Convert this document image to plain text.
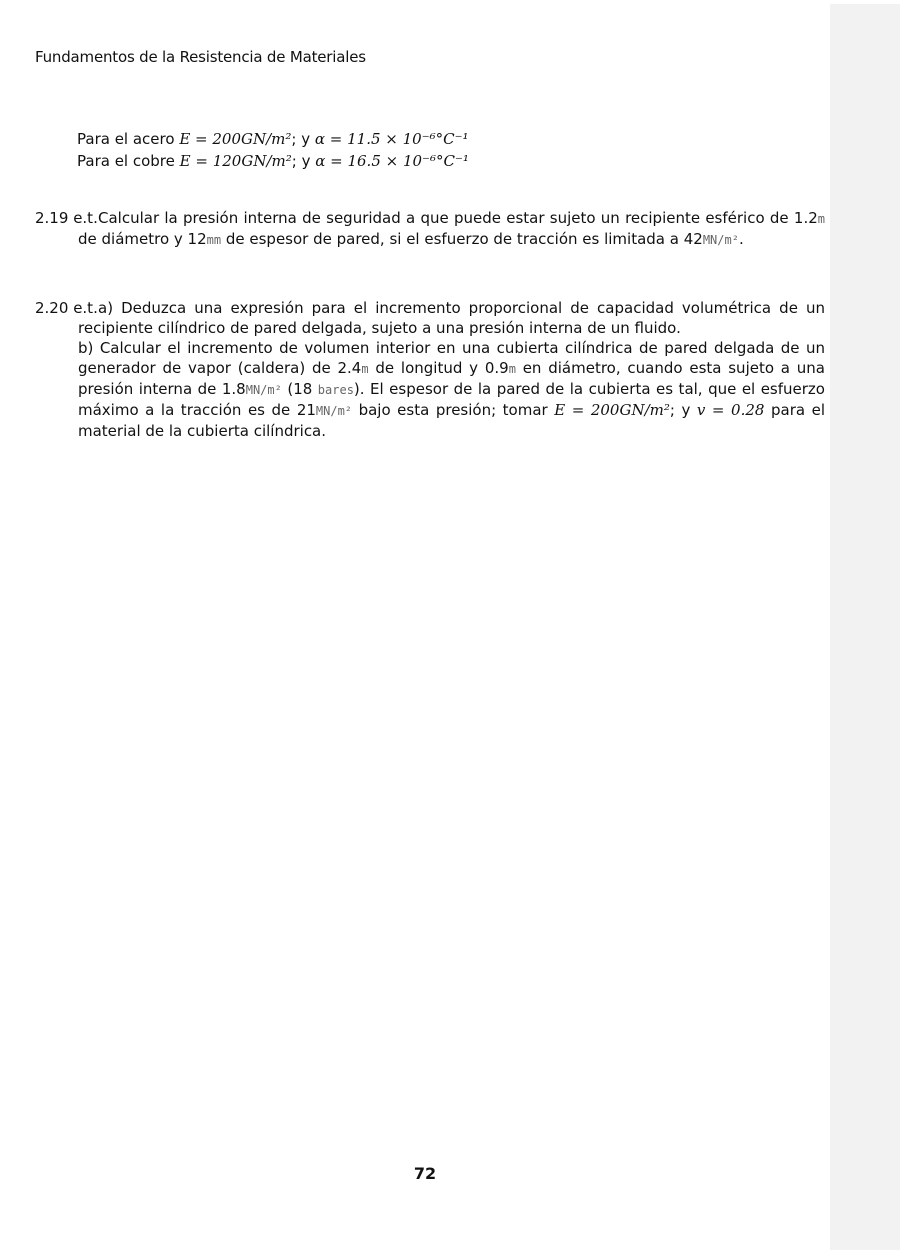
Fundamentos de la Resistencia de Materiales
Para el acero E = 200GN/m²; y α = 11.5 × 10⁻⁶°C⁻¹
Para el cobre E = 120GN/m²; y α = 16.5 × 10⁻⁶°C⁻¹
2.19 e.t. Calcular la presión interna de seguridad a que puede estar sujeto un recipiente esférico de 1.2m de diámetro y 12mm de espesor de pared, si el esfuerzo de tracción es limitada a 42MN/m².
2.20 e.t. a) Deduzca una expresión para el incremento proporcional de capacidad volumétrica de un recipiente cilíndrico de pared delgada, sujeto a una presión interna de un fluido.
b) Calcular el incremento de volumen interior en una cubierta cilíndrica de pared delgada de un generador de vapor (caldera) de 2.4m de longitud y 0.9m en diámetro, cuando esta sujeto a una presión interna de 1.8MN/m² (18 bares). El espesor de la pared de la cubierta es tal, que el esfuerzo máximo a la tracción es de 21MN/m² bajo esta presión; tomar E = 200GN/m²; y v = 0.28 para el material de la cubierta cilíndrica.
72
